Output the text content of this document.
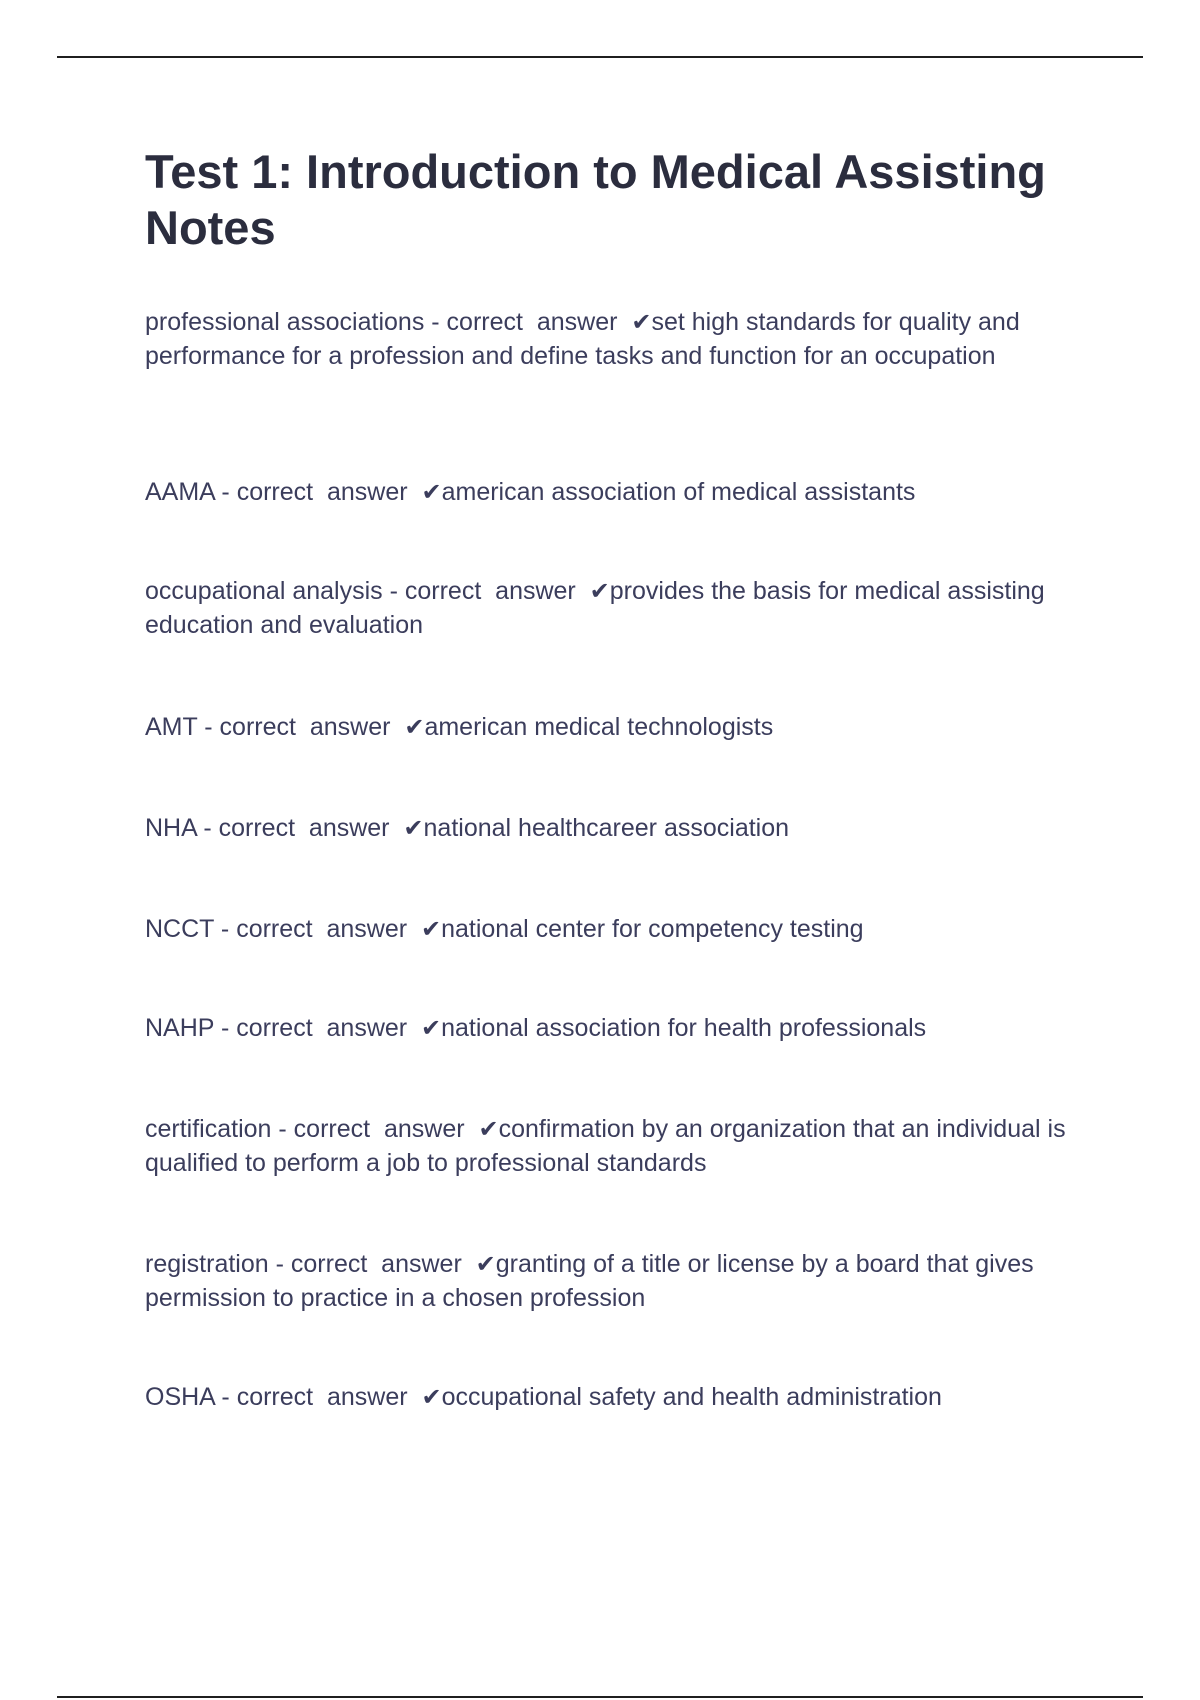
Test 1: Introduction to Medical Assisting Notes

professional associations - correct  answer  ✔set high standards for quality and performance for a profession and define tasks and function for an occupation

AAMA - correct  answer  ✔american association of medical assistants

occupational analysis - correct  answer  ✔provides the basis for medical assisting education and evaluation

AMT - correct  answer  ✔american medical technologists

NHA - correct  answer  ✔national healthcareer association

NCCT - correct  answer  ✔national center for competency testing

NAHP - correct  answer  ✔national association for health professionals

certification - correct  answer  ✔confirmation by an organization that an individual is qualified to perform a job to professional standards

registration - correct  answer  ✔granting of a title or license by a board that gives permission to practice in a chosen profession

OSHA - correct  answer  ✔occupational safety and health administration
